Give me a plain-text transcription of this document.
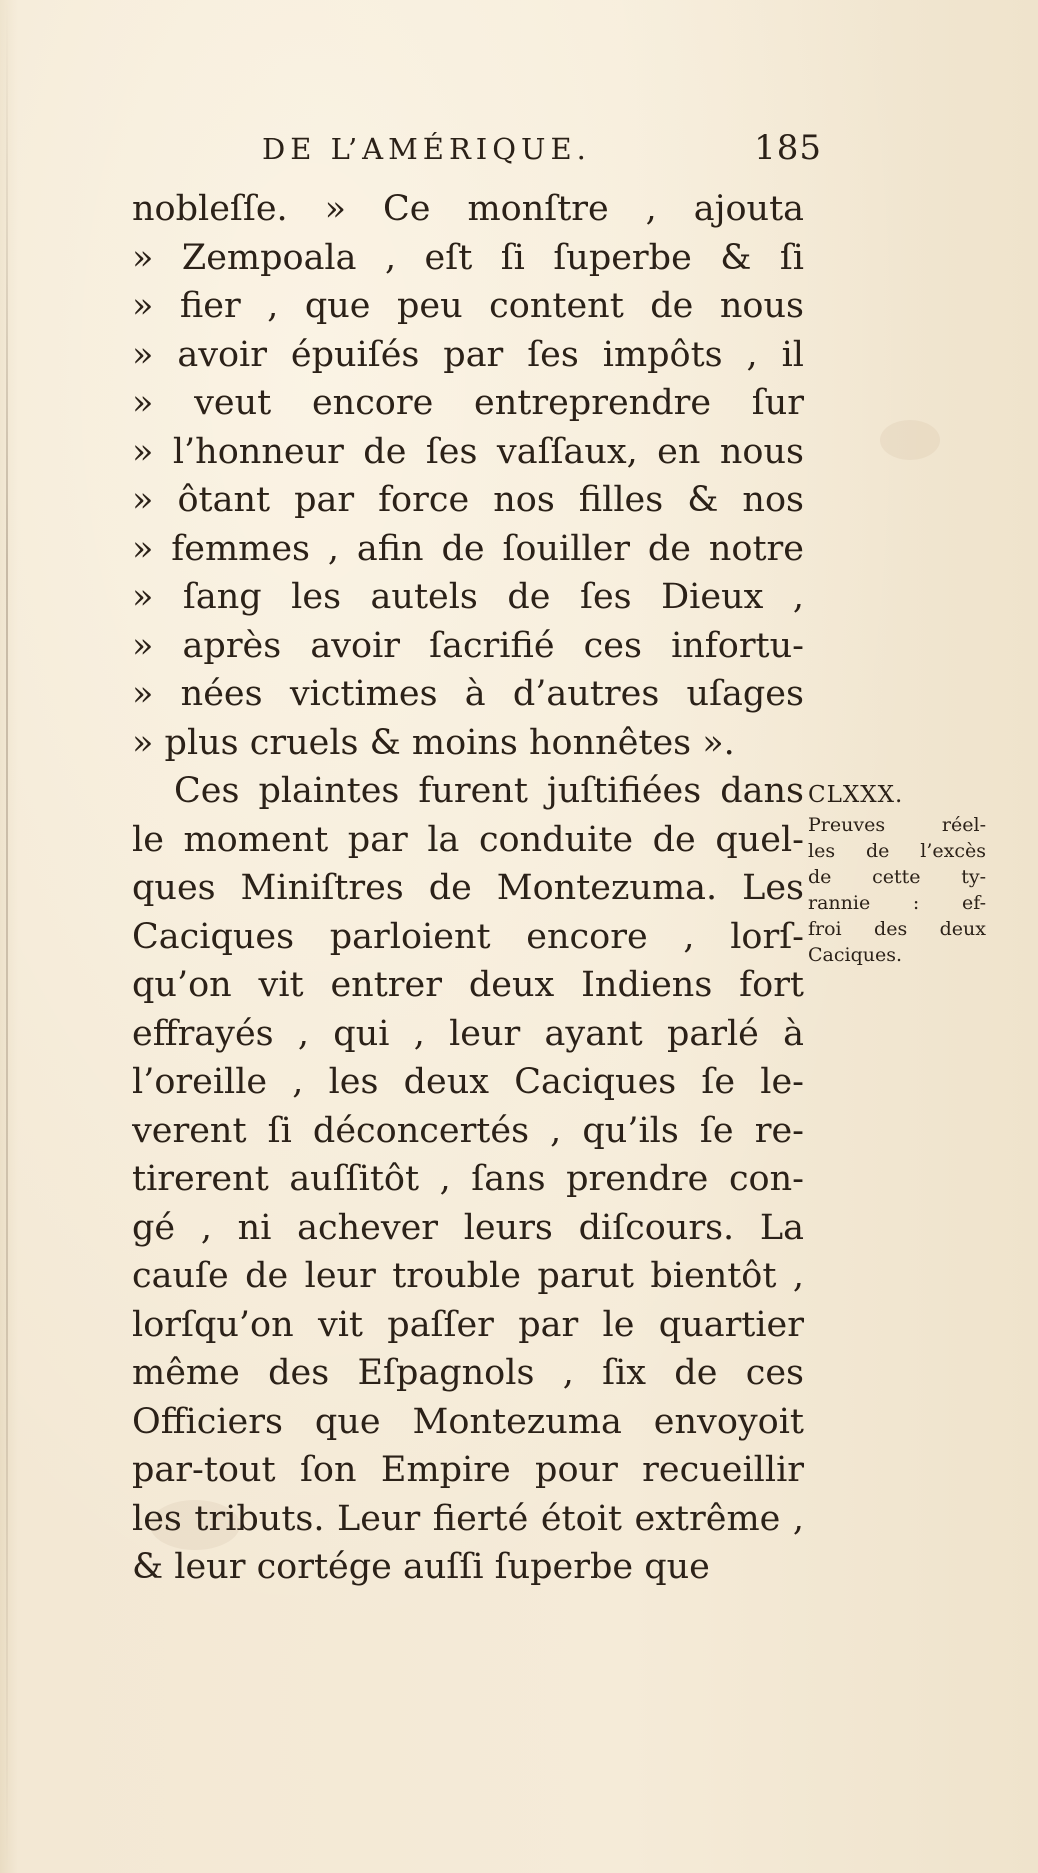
DE L’AMÉRIQUE.	185
nobleſſe. » Ce monſtre , ajouta
» Zempoala , eſt ſi ſuperbe & ſi
» fier , que peu content de nous
» avoir épuiſés par ſes impôts , il
» veut encore entreprendre ſur
» l’honneur de ſes vaſſaux, en nous
» ôtant par force nos filles & nos
» femmes , afin de ſouiller de notre
» ſang les autels de ſes Dieux ,
» après avoir ſacrifié ces infortu-
» nées victimes à d’autres uſages
» plus cruels & moins honnêtes ».
Ces plaintes furent juſtifiées dans
le moment par la conduite de quel-
ques Miniſtres de Montezuma. Les
Caciques parloient encore , lorſ-
qu’on vit entrer deux Indiens fort
effrayés , qui , leur ayant parlé à
l’oreille , les deux Caciques ſe le-
verent ſi déconcertés , qu’ils ſe re-
tirerent auſſitôt , ſans prendre con-
gé , ni achever leurs diſcours. La
cauſe de leur trouble parut bientôt ,
lorſqu’on vit paſſer par le quartier
même des Eſpagnols , ſix de ces
Officiers que Montezuma envoyoit
par-tout ſon Empire pour recueillir
les tributs. Leur fierté étoit extrême ,
& leur cortége auſſi ſuperbe que
CLXXX.
Preuves réel-
les de l’excès
de cette ty-
rannie : ef-
froi des deux
Caciques.
